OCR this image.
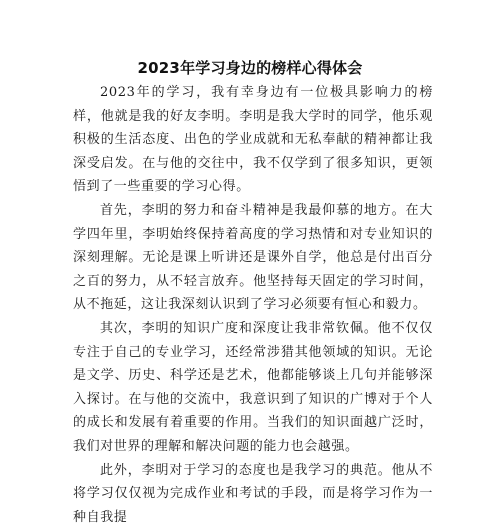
2023年学习身边的榜样心得体会

2023年的学习，我有幸身边有一位极具影响力的榜样，他就是我的好友李明。李明是我大学时的同学，他乐观积极的生活态度、出色的学业成就和无私奉献的精神都让我深受启发。在与他的交往中，我不仅学到了很多知识，更领悟到了一些重要的学习心得。

首先，李明的努力和奋斗精神是我最仰慕的地方。在大学四年里，李明始终保持着高度的学习热情和对专业知识的深刻理解。无论是课上听讲还是课外自学，他总是付出百分之百的努力，从不轻言放弃。他坚持每天固定的学习时间，从不拖延，这让我深刻认识到了学习必须要有恒心和毅力。

其次，李明的知识广度和深度让我非常钦佩。他不仅仅专注于自己的专业学习，还经常涉猎其他领域的知识。无论是文学、历史、科学还是艺术，他都能够谈上几句并能够深入探讨。在与他的交流中，我意识到了知识的广博对于个人的成长和发展有着重要的作用。当我们的知识面越广泛时，我们对世界的理解和解决问题的能力也会越强。

此外，李明对于学习的态度也是我学习的典范。他从不将学习仅仅视为完成作业和考试的手段，而是将学习作为一种自我提
